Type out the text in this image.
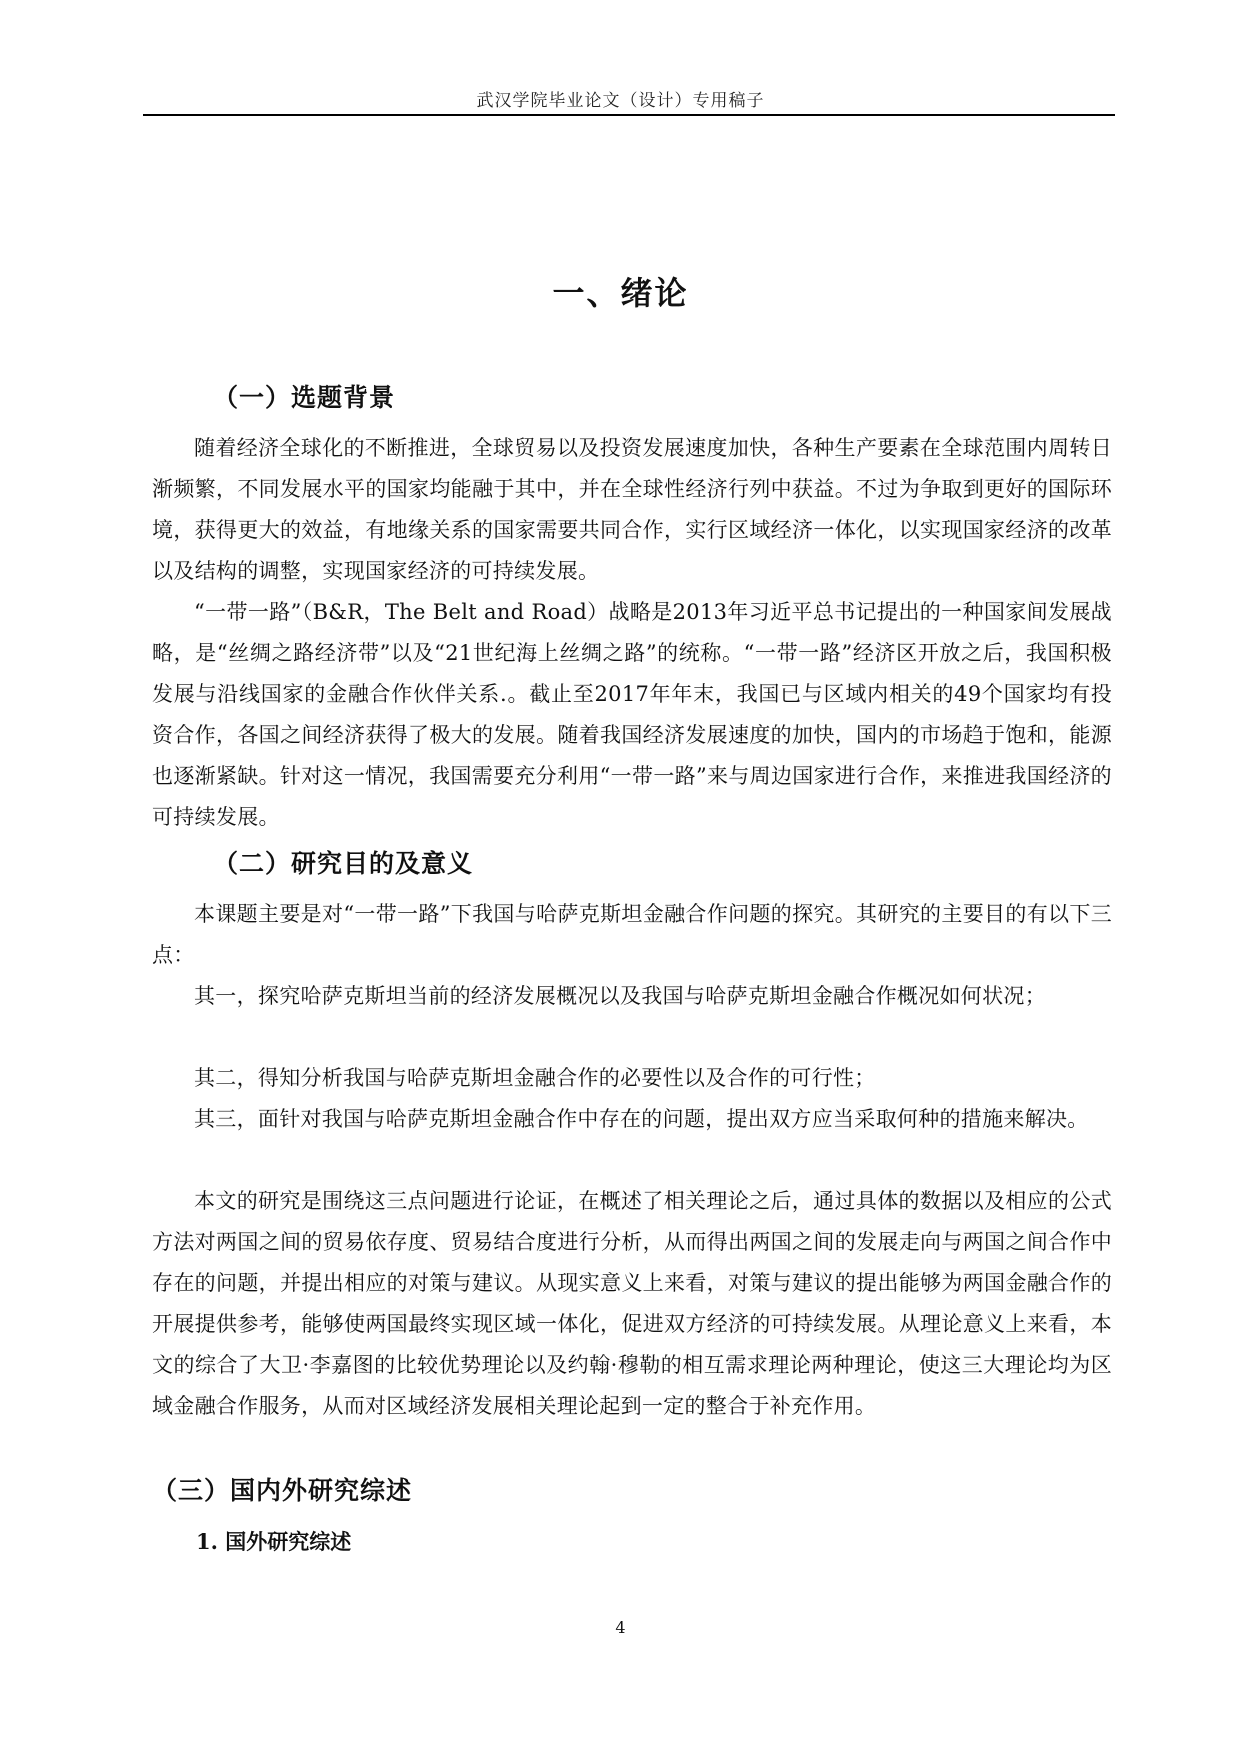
武汉学院毕业论文（设计）专用稿子
一、绪论
（一）选题背景

随着经济全球化的不断推进，全球贸易以及投资发展速度加快，各种生产要素在全球范围内周转日渐频繁，不同发展水平的国家均能融于其中，并在全球性经济行列中获益。不过为争取到更好的国际环境，获得更大的效益，有地缘关系的国家需要共同合作，实行区域经济一体化，以实现国家经济的改革以及结构的调整，实现国家经济的可持续发展。

“一带一路”（B&R，The Belt and Road）战略是2013年习近平总书记提出的一种国家间发展战略，是“丝绸之路经济带”以及“21世纪海上丝绸之路”的统称。“一带一路”经济区开放之后，我国积极发展与沿线国家的金融合作伙伴关系.。截止至2017年年末，我国已与区域内相关的49个国家均有投资合作，各国之间经济获得了极大的发展。随着我国经济发展速度的加快，国内的市场趋于饱和，能源也逐渐紧缺。针对这一情况，我国需要充分利用“一带一路”来与周边国家进行合作，来推进我国经济的可持续发展。

（二）研究目的及意义

本课题主要是对“一带一路”下我国与哈萨克斯坦金融合作问题的探究。其研究的主要目的有以下三点：

其一，探究哈萨克斯坦当前的经济发展概况以及我国与哈萨克斯坦金融合作概况如何状况；

其二，得知分析我国与哈萨克斯坦金融合作的必要性以及合作的可行性；

其三，面针对我国与哈萨克斯坦金融合作中存在的问题，提出双方应当采取何种的措施来解决。

本文的研究是围绕这三点问题进行论证，在概述了相关理论之后，通过具体的数据以及相应的公式方法对两国之间的贸易依存度、贸易结合度进行分析，从而得出两国之间的发展走向与两国之间合作中存在的问题，并提出相应的对策与建议。从现实意义上来看，对策与建议的提出能够为两国金融合作的开展提供参考，能够使两国最终实现区域一体化，促进双方经济的可持续发展。从理论意义上来看，本文的综合了大卫·李嘉图的比较优势理论以及约翰·穆勒的相互需求理论两种理论，使这三大理论均为区域金融合作服务，从而对区域经济发展相关理论起到一定的整合于补充作用。

（三）国内外研究综述
1. 国外研究综述
4
